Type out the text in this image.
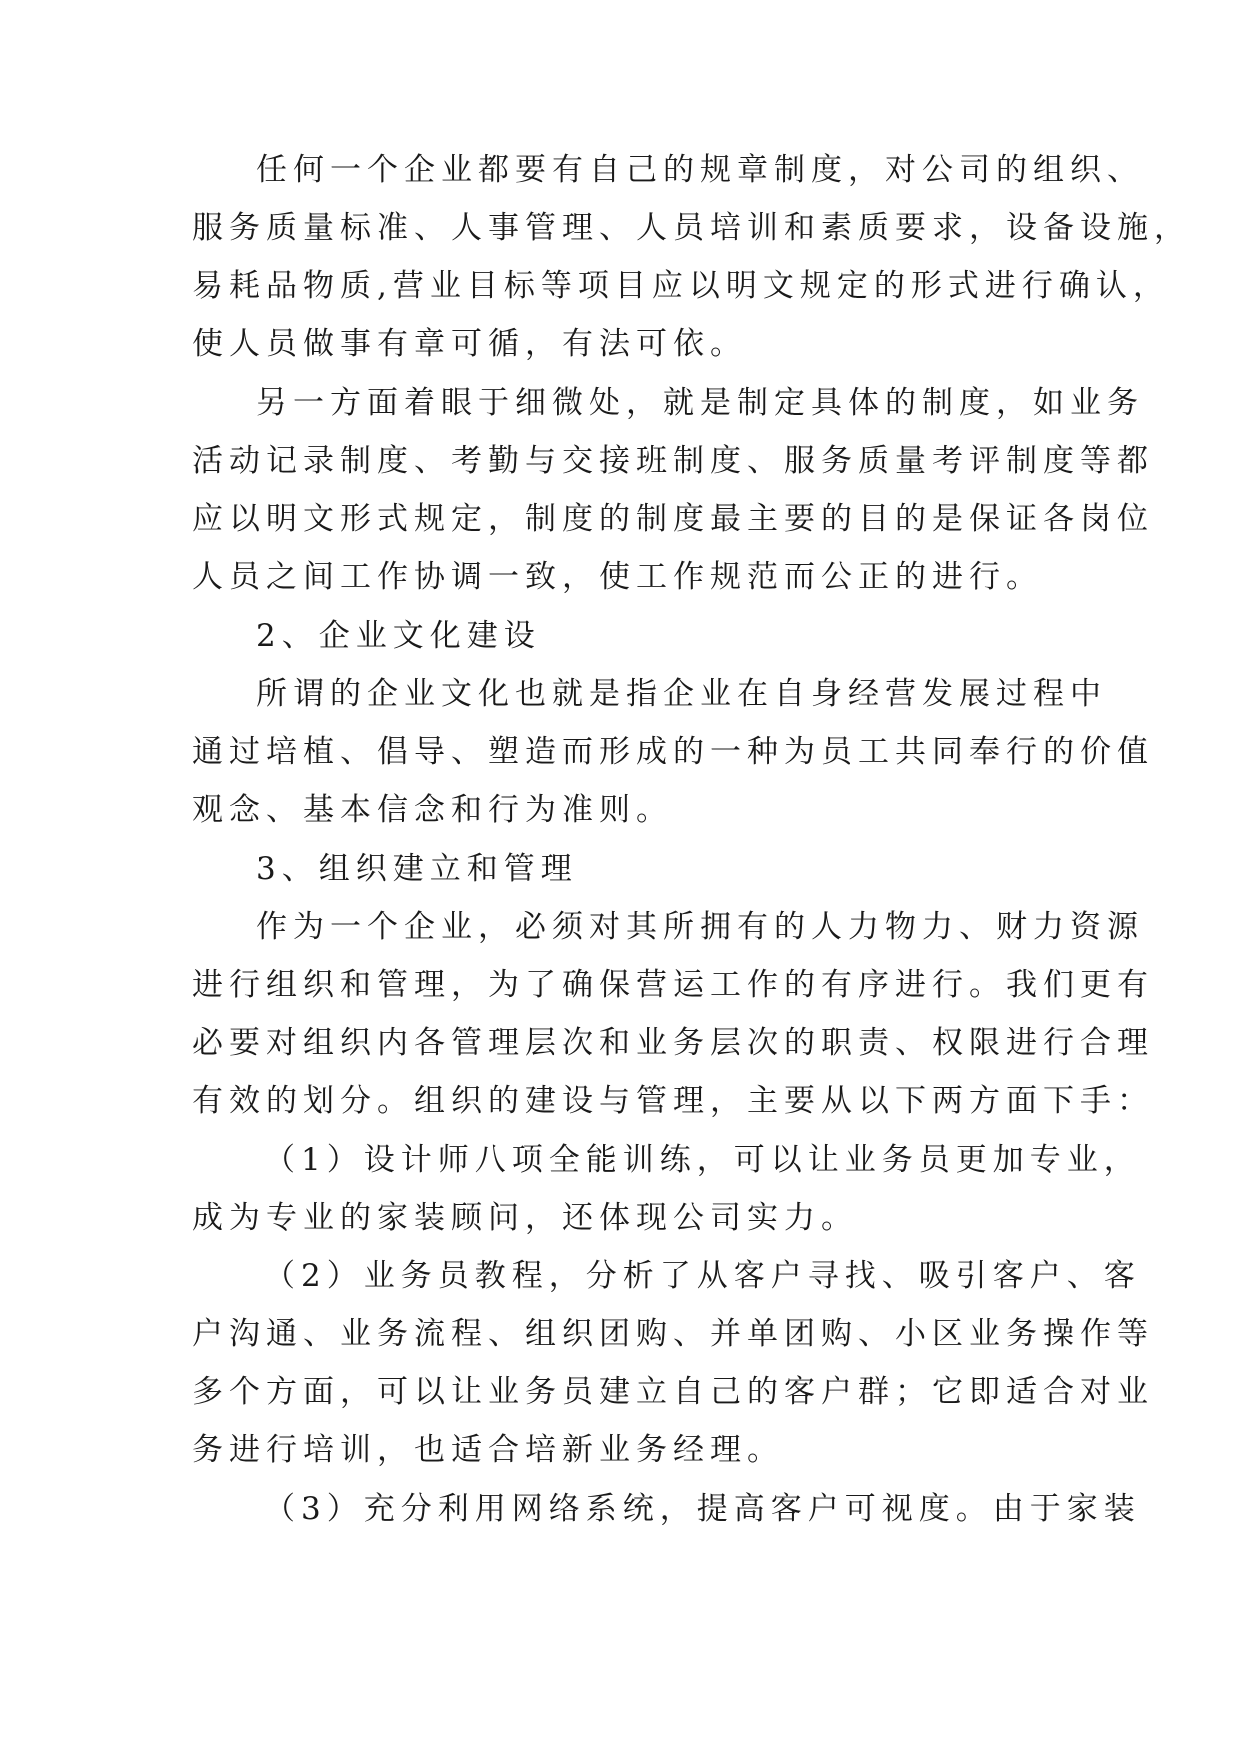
任何一个企业都要有自己的规章制度，对公司的组织、
服务质量标准、人事管理、人员培训和素质要求，设备设施，
易耗品物质,营业目标等项目应以明文规定的形式进行确认，
使人员做事有章可循，有法可依。
另一方面着眼于细微处，就是制定具体的制度，如业务
活动记录制度、考勤与交接班制度、服务质量考评制度等都
应以明文形式规定，制度的制度最主要的目的是保证各岗位
人员之间工作协调一致，使工作规范而公正的进行。
2、企业文化建设
所谓的企业文化也就是指企业在自身经营发展过程中
通过培植、倡导、塑造而形成的一种为员工共同奉行的价值
观念、基本信念和行为准则。
3、组织建立和管理
作为一个企业，必须对其所拥有的人力物力、财力资源
进行组织和管理，为了确保营运工作的有序进行。我们更有
必要对组织内各管理层次和业务层次的职责、权限进行合理
有效的划分。组织的建设与管理，主要从以下两方面下手：
（1）设计师八项全能训练，可以让业务员更加专业，
成为专业的家装顾问，还体现公司实力。
（2）业务员教程，分析了从客户寻找、吸引客户、客
户沟通、业务流程、组织团购、并单团购、小区业务操作等
多个方面，可以让业务员建立自己的客户群；它即适合对业
务进行培训，也适合培新业务经理。
（3）充分利用网络系统，提高客户可视度。由于家装
